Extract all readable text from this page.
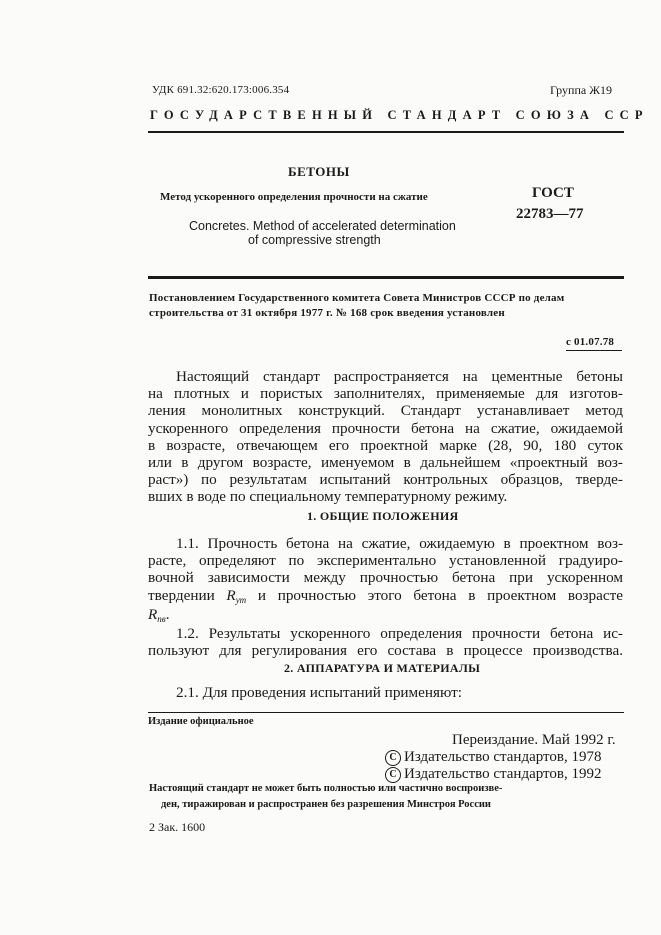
УДК 691.32:620.173:006.354	Группа Ж19
ГОСУДАРСТВЕННЫЙ СТАНДАРТ СОЮЗА ССР
БЕТОНЫ
Метод ускоренного определения прочности на сжатие
Concretes. Method of accelerated determination
of compressive strength
ГОСТ
22783—77
Постановлением Государственного комитета Совета Министров СССР по делам
строительства от 31 октября 1977 г. № 168 срок введения установлен
с 01.07.78
Настоящий стандарт распространяется на цементные бетоны
на плотных и пористых заполнителях, применяемые для изготов-
ления монолитных конструкций. Стандарт устанавливает метод
ускоренного определения прочности бетона на сжатие, ожидаемой
в возрасте, отвечающем его проектной марке (28, 90, 180 суток
или в другом возрасте, именуемом в дальнейшем «проектный воз-
раст») по результатам испытаний контрольных образцов, тверде-
вших в воде по специальному температурному режиму.
1. ОБЩИЕ ПОЛОЖЕНИЯ
1.1. Прочность бетона на сжатие, ожидаемую в проектном воз-
расте, определяют по экспериментально установленной градуиро-
вочной зависимости между прочностью бетона при ускоренном
твердении Rут и прочностью этого бетона в проектном возрасте
Rпв.
1.2. Результаты ускоренного определения прочности бетона ис-
пользуют для регулирования его состава в процессе производства.
2. АППАРАТУРА И МАТЕРИАЛЫ
2.1. Для проведения испытаний применяют:
Издание официальное
Переиздание. Май 1992 г.
C Издательство стандартов, 1978
C Издательство стандартов, 1992
Настоящий стандарт не может быть полностью или частично воспроизве-
ден, тиражирован и распространен без разрешения Минстроя России
2 Зак. 1600
